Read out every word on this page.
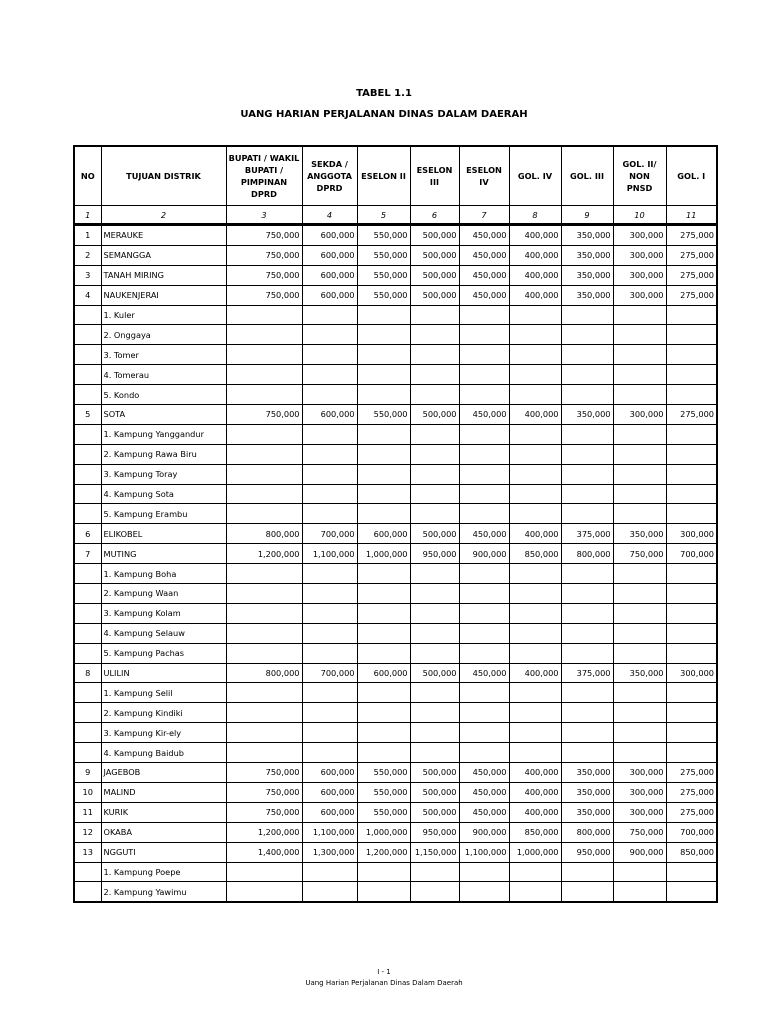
TABEL 1.1
UANG HARIAN PERJALANAN DINAS DALAM DAERAH
NO	TUJUAN DISTRIK	BUPATI / WAKIL BUPATI / PIMPINAN DPRD	SEKDA / ANGGOTA DPRD	ESELON II	ESELON III	ESELON IV	GOL. IV	GOL. III	GOL. II/ NON PNSD	GOL. I
1	2	3	4	5	6	7	8	9	10	11

1	MERAUKE	750,000	600,000	550,000	500,000	450,000	400,000	350,000	300,000	275,000
2	SEMANGGA	750,000	600,000	550,000	500,000	450,000	400,000	350,000	300,000	275,000
3	TANAH MIRING	750,000	600,000	550,000	500,000	450,000	400,000	350,000	300,000	275,000
4	NAUKENJERAI	750,000	600,000	550,000	500,000	450,000	400,000	350,000	300,000	275,000
	1. Kuler									
	2. Onggaya									
	3. Tomer									
	4. Tomerau									
	5. Kondo									
5	SOTA	750,000	600,000	550,000	500,000	450,000	400,000	350,000	300,000	275,000
	1. Kampung Yanggandur									
	2. Kampung Rawa Biru									
	3. Kampung Toray									
	4. Kampung Sota									
	5. Kampung Erambu									
6	ELIKOBEL	800,000	700,000	600,000	500,000	450,000	400,000	375,000	350,000	300,000
7	MUTING	1,200,000	1,100,000	1,000,000	950,000	900,000	850,000	800,000	750,000	700,000
	1. Kampung Boha									
	2. Kampung Waan									
	3. Kampung Kolam									
	4. Kampung Selauw									
	5. Kampung Pachas									
8	ULILIN	800,000	700,000	600,000	500,000	450,000	400,000	375,000	350,000	300,000
	1. Kampung Selil									
	2. Kampung Kindiki									
	3. Kampung Kir-ely									
	4. Kampung Baidub									
9	JAGEBOB	750,000	600,000	550,000	500,000	450,000	400,000	350,000	300,000	275,000
10	MALIND	750,000	600,000	550,000	500,000	450,000	400,000	350,000	300,000	275,000
11	KURIK	750,000	600,000	550,000	500,000	450,000	400,000	350,000	300,000	275,000
12	OKABA	1,200,000	1,100,000	1,000,000	950,000	900,000	850,000	800,000	750,000	700,000
13	NGGUTI	1,400,000	1,300,000	1,200,000	1,150,000	1,100,000	1,000,000	950,000	900,000	850,000
	1. Kampung Poepe									
	2. Kampung Yawimu									
I - 1
Uang Harian Perjalanan Dinas Dalam Daerah
